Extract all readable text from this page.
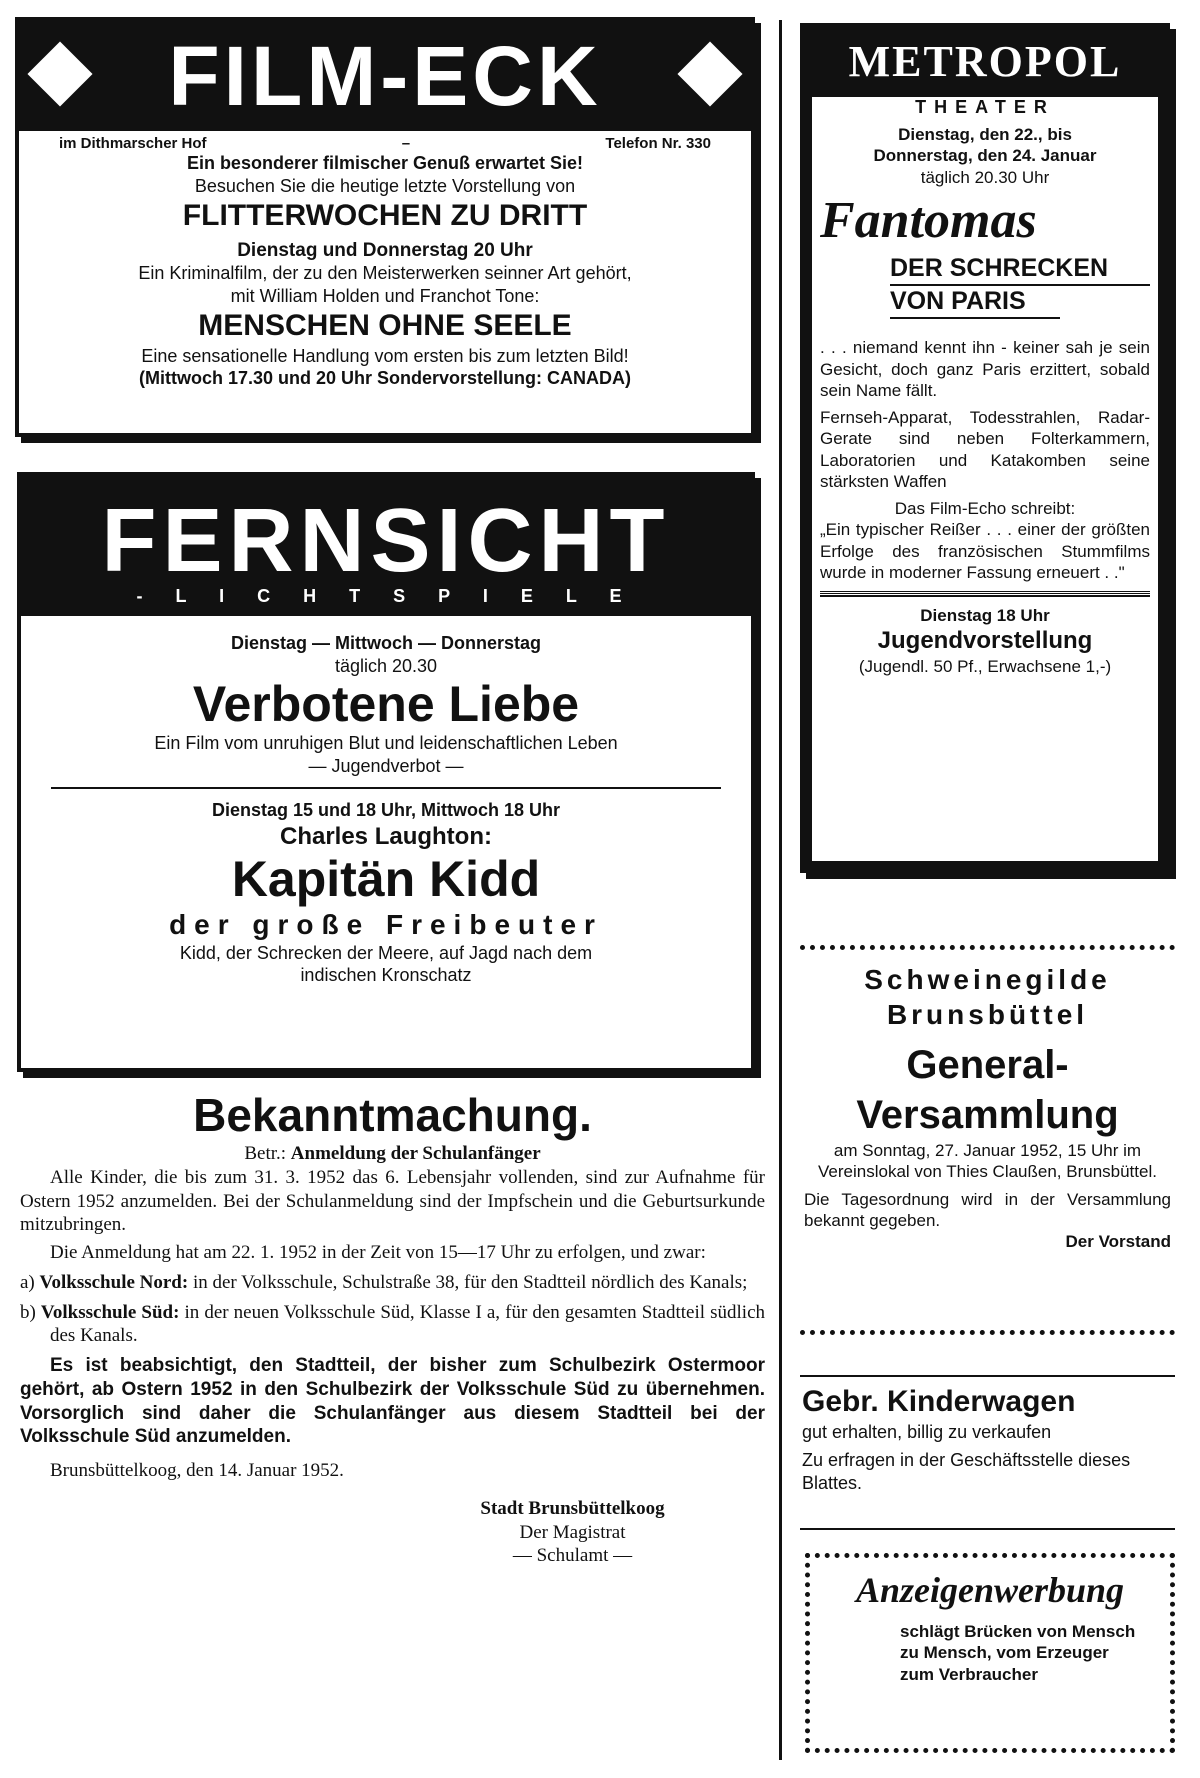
FILM-ECK
im Dithmarscher Hof	–	Telefon Nr. 330

Ein besonderer filmischer Genuß erwartet Sie!

Besuchen Sie die heutige letzte Vorstellung von

FLITTERWOCHEN ZU DRITT

Dienstag und Donnerstag 20 Uhr

Ein Kriminalfilm, der zu den Meisterwerken seinner Art gehört,

mit William Holden und Franchot Tone:

MENSCHEN OHNE SEELE

Eine sensationelle Handlung vom ersten bis zum letzten Bild!

(Mittwoch 17.30 und 20 Uhr Sondervorstellung: CANADA)

FERNSICHT
- L I C H T S P I E L E

Dienstag — Mittwoch — Donnerstag

täglich 20.30

Verbotene Liebe

Ein Film vom unruhigen Blut und leidenschaftlichen Leben

— Jugendverbot —

Dienstag 15 und 18 Uhr, Mittwoch 18 Uhr

Charles Laughton:

Kapitän Kidd

der große Freibeuter

Kidd, der Schrecken der Meere, auf Jagd nach dem

indischen Kronschatz

Bekanntmachung.

Betr.: Anmeldung der Schulanfänger

Alle Kinder, die bis zum 31. 3. 1952 das 6. Lebensjahr vollenden, sind zur Aufnahme für Ostern 1952 anzumelden. Bei der Schulanmeldung sind der Impfschein und die Geburtsurkunde mitzubringen.

Die Anmeldung hat am 22. 1. 1952 in der Zeit von 15—17 Uhr zu erfolgen, und zwar:

a) Volksschule Nord: in der Volksschule, Schulstraße 38, für den Stadtteil nördlich des Kanals;

b) Volksschule Süd: in der neuen Volksschule Süd, Klasse I a, für den gesamten Stadtteil südlich des Kanals.

Es ist beabsichtigt, den Stadtteil, der bisher zum Schulbezirk Ostermoor gehört, ab Ostern 1952 in den Schulbezirk der Volksschule Süd zu übernehmen. Vorsorglich sind daher die Schulanfänger aus diesem Stadtteil bei der Volksschule Süd anzumelden.

Brunsbüttelkoog, den 14. Januar 1952.

Stadt Brunsbüttelkoog

Der Magistrat

— Schulamt —

METROPOL
THEATER

Dienstag, den 22., bis

Donnerstag, den 24. Januar

täglich 20.30 Uhr

Fantomas

DER SCHRECKEN

VON PARIS

. . . niemand kennt ihn - keiner sah je sein Gesicht, doch ganz Paris erzittert, sobald sein Name fällt.

Fernseh-Apparat, Todesstrahlen, Radar-Gerate sind neben Folterkammern, Laboratorien und Katakomben seine stärksten Waffen

Das Film-Echo schreibt:

„Ein typischer Reißer . . . einer der größten Erfolge des französischen Stummfilms wurde in moderner Fassung erneuert . ."

Dienstag 18 Uhr

Jugendvorstellung

(Jugendl. 50 Pf., Erwachsene 1,-)

Schweinegilde

Brunsbüttel

General-

Versammlung

am Sonntag, 27. Januar 1952, 15 Uhr im Vereinslokal von Thies Claußen, Brunsbüttel.

Die Tagesordnung wird in der Versammlung bekannt gegeben.

Der Vorstand

Gebr. Kinderwagen

gut erhalten, billig zu verkaufen

Zu erfragen in der Geschäftsstelle dieses Blattes.

Anzeigenwerbung

schlägt Brücken von Mensch zu Mensch, vom Erzeuger zum Verbraucher
